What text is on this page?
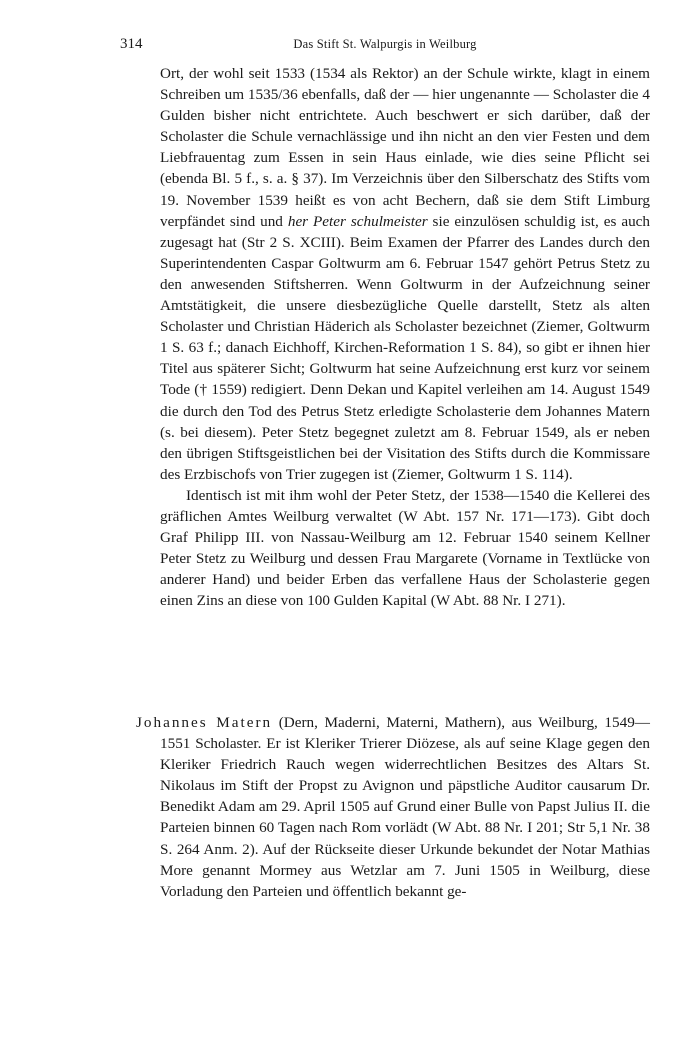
314	Das Stift St. Walpurgis in Weilburg

Ort, der wohl seit 1533 (1534 als Rektor) an der Schule wirkte, klagt in einem Schreiben um 1535/36 ebenfalls, daß der — hier ungenannte — Scholaster die 4 Gulden bisher nicht entrichtete. Auch beschwert er sich darüber, daß der Scholaster die Schule vernachlässige und ihn nicht an den vier Festen und dem Liebfrauentag zum Essen in sein Haus einlade, wie dies seine Pflicht sei (ebenda Bl. 5 f., s. a. § 37). Im Verzeichnis über den Silberschatz des Stifts vom 19. November 1539 heißt es von acht Bechern, daß sie dem Stift Limburg verpfändet sind und her Peter schulmeister sie einzulösen schuldig ist, es auch zugesagt hat (Str 2 S. XCIII). Beim Examen der Pfarrer des Landes durch den Superintendenten Caspar Goltwurm am 6. Februar 1547 gehört Petrus Stetz zu den anwesenden Stiftsherren. Wenn Goltwurm in der Aufzeichnung seiner Amtstätigkeit, die unsere diesbezügliche Quelle darstellt, Stetz als alten Scholaster und Christian Häderich als Scholaster bezeichnet (Ziemer, Goltwurm 1 S. 63 f.; danach Eichhoff, Kirchen-Reformation 1 S. 84), so gibt er ihnen hier Titel aus späterer Sicht; Goltwurm hat seine Aufzeichnung erst kurz vor seinem Tode († 1559) redigiert. Denn Dekan und Kapitel verleihen am 14. August 1549 die durch den Tod des Petrus Stetz erledigte Scholasterie dem Johannes Matern (s. bei diesem). Peter Stetz begegnet zuletzt am 8. Februar 1549, als er neben den übrigen Stiftsgeistlichen bei der Visitation des Stifts durch die Kommissare des Erzbischofs von Trier zugegen ist (Ziemer, Goltwurm 1 S. 114).

Identisch ist mit ihm wohl der Peter Stetz, der 1538—1540 die Kellerei des gräflichen Amtes Weilburg verwaltet (W Abt. 157 Nr. 171—173). Gibt doch Graf Philipp III. von Nassau-Weilburg am 12. Februar 1540 seinem Kellner Peter Stetz zu Weilburg und dessen Frau Margarete (Vorname in Textlücke von anderer Hand) und beider Erben das verfallene Haus der Scholasterie gegen einen Zins an diese von 100 Gulden Kapital (W Abt. 88 Nr. I 271).

Johannes Matern (Dern, Maderni, Materni, Mathern), aus Weilburg, 1549—1551 Scholaster. Er ist Kleriker Trierer Diözese, als auf seine Klage gegen den Kleriker Friedrich Rauch wegen widerrechtlichen Besitzes des Altars St. Nikolaus im Stift der Propst zu Avignon und päpstliche Auditor causarum Dr. Benedikt Adam am 29. April 1505 auf Grund einer Bulle von Papst Julius II. die Parteien binnen 60 Tagen nach Rom vorlädt (W Abt. 88 Nr. I 201; Str 5,1 Nr. 38 S. 264 Anm. 2). Auf der Rückseite dieser Urkunde bekundet der Notar Mathias More genannt Mormey aus Wetzlar am 7. Juni 1505 in Weilburg, diese Vorladung den Parteien und öffentlich bekannt ge-
